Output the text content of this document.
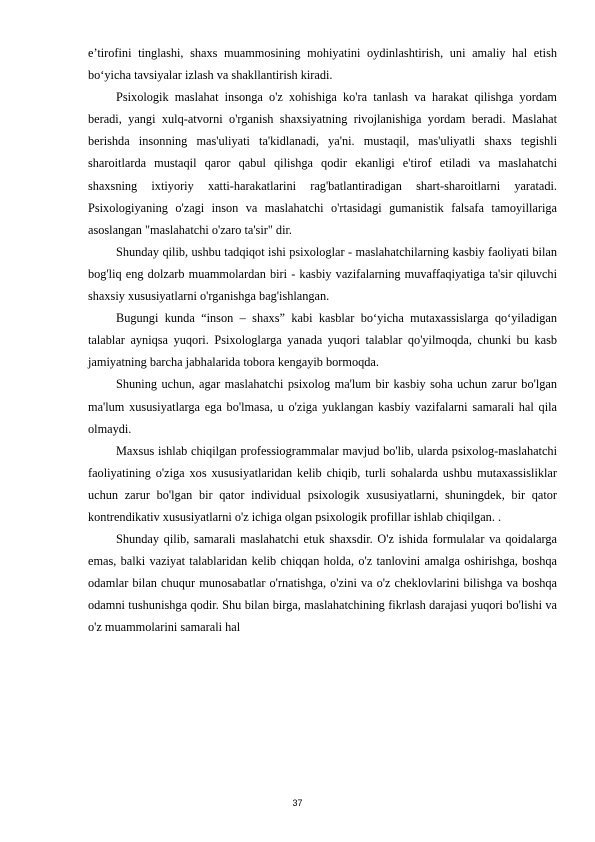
e’tirofini tinglashi, shaxs muammosining mohiyatini oydinlashtirish, uni amaliy hal etish bo‘yicha tavsiyalar izlash va shakllantirish kiradi.

Psixologik maslahat insonga o'z xohishiga ko'ra tanlash va harakat qilishga yordam beradi, yangi xulq-atvorni o'rganish shaxsiyatning rivojlanishiga yordam beradi. Maslahat berishda insonning mas'uliyati ta'kidlanadi, ya'ni. mustaqil, mas'uliyatli shaxs tegishli sharoitlarda mustaqil qaror qabul qilishga qodir ekanligi e'tirof etiladi va maslahatchi shaxsning ixtiyoriy xatti-harakatlarini rag'batlantiradigan shart-sharoitlarni yaratadi. Psixologiyaning o'zagi inson va maslahatchi o'rtasidagi gumanistik falsafa tamoyillariga asoslangan "maslahatchi o'zaro ta'sir" dir.

Shunday qilib, ushbu tadqiqot ishi psixologlar - maslahatchilarning kasbiy faoliyati bilan bog'liq eng dolzarb muammolardan biri - kasbiy vazifalarning muvaffaqiyatiga ta'sir qiluvchi shaxsiy xususiyatlarni o'rganishga bag'ishlangan.

Bugungi kunda “inson – shaxs” kabi kasblar bo‘yicha mutaxassislarga qo‘yiladigan talablar ayniqsa yuqori. Psixologlarga yanada yuqori talablar qo'yilmoqda, chunki bu kasb jamiyatning barcha jabhalarida tobora kengayib bormoqda.

Shuning uchun, agar maslahatchi psixolog ma'lum bir kasbiy soha uchun zarur bo'lgan ma'lum xususiyatlarga ega bo'lmasa, u o'ziga yuklangan kasbiy vazifalarni samarali hal qila olmaydi.

Maxsus ishlab chiqilgan professiogrammalar mavjud bo'lib, ularda psixolog-maslahatchi faoliyatining o'ziga xos xususiyatlaridan kelib chiqib, turli sohalarda ushbu mutaxassisliklar uchun zarur bo'lgan bir qator individual psixologik xususiyatlarni, shuningdek, bir qator kontrendikativ xususiyatlarni o'z ichiga olgan psixologik profillar ishlab chiqilgan. .

Shunday qilib, samarali maslahatchi etuk shaxsdir. O'z ishida formulalar va qoidalarga emas, balki vaziyat talablaridan kelib chiqqan holda, o'z tanlovini amalga oshirishga, boshqa odamlar bilan chuqur munosabatlar o'rnatishga, o'zini va o'z cheklovlarini bilishga va boshqa odamni tushunishga qodir. Shu bilan birga, maslahatchining fikrlash darajasi yuqori bo'lishi va o'z muammolarini samarali hal

37
